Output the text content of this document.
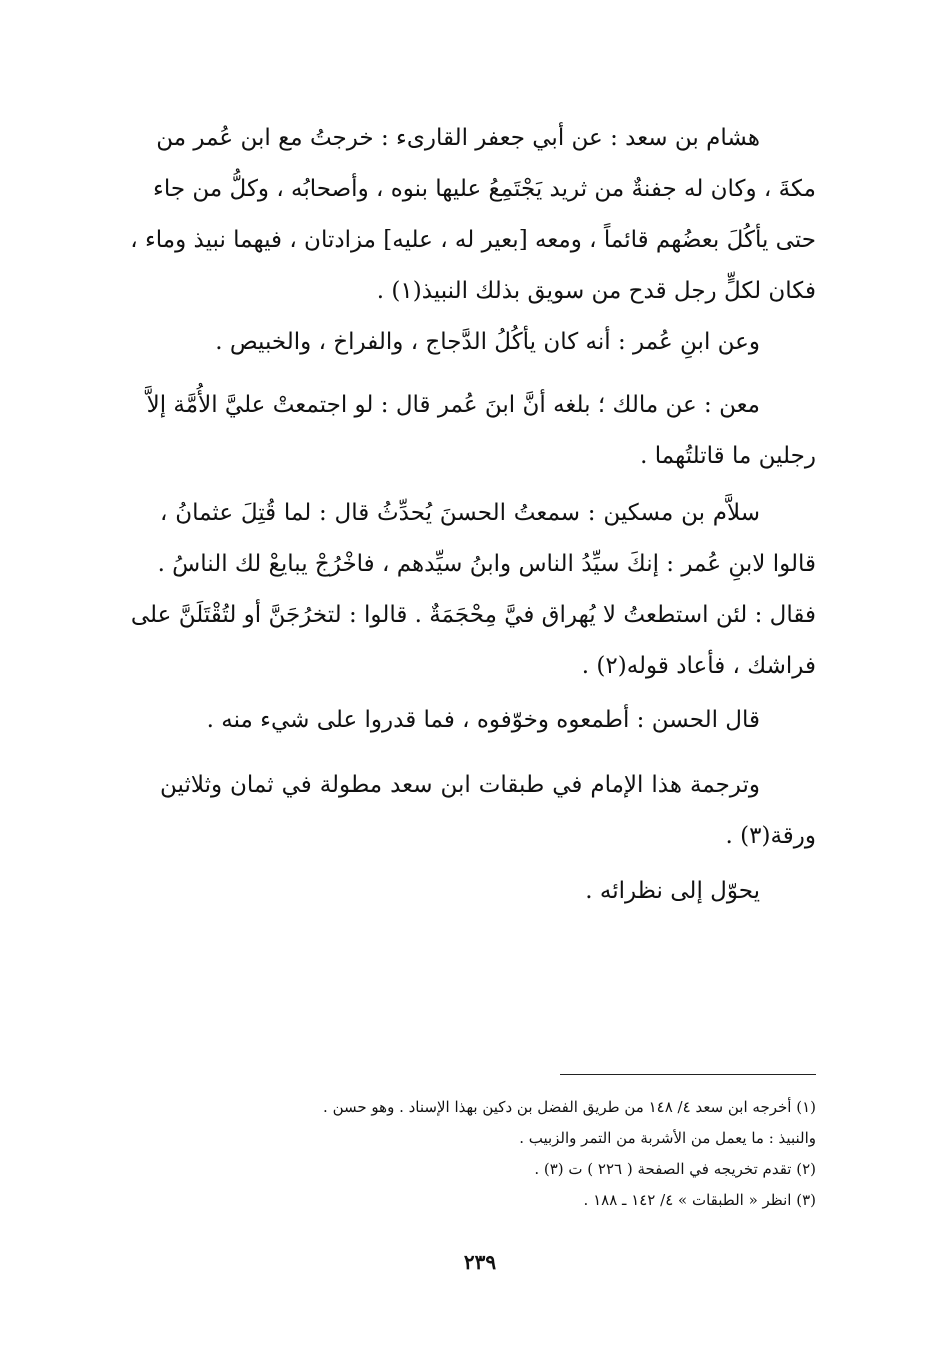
هشام بن سعد : عن أبي جعفر القارىء : خرجتُ مع ابن عُمر من
مكةَ ، وكان له جفنةٌ من ثريد يَجْتَمِعُ عليها بنوه ، وأصحابُه ، وكلُّ من جاء
حتى يأكُلَ بعضُهم قائماً ، ومعه [بعير له ، عليه] مزادتان ، فيهما نبيذ وماء ،
فكان لكلٍّ رجل قدح من سويق بذلك النبيذ(١) .
وعن ابنِ عُمر : أنه كان يأكُلُ الدَّجاج ، والفراخ ، والخبيص .
معن : عن مالك ؛ بلغه أنَّ ابنَ عُمر قال : لو اجتمعتْ عليَّ الأُمَّة إلاَّ
رجلين ما قاتلتُهما .
سلاَّم بن مسكين : سمعتُ الحسنَ يُحدِّثُ قال : لما قُتِلَ عثمانُ ،
قالوا لابنِ عُمر : إنكَ سيِّدُ الناس وابنُ سيِّدهم ، فاخْرُجْ يبايعْ لك الناسُ .
فقال : لئن استطعتُ لا يُهراق فيَّ مِحْجَمَةٌ . قالوا : لتخرُجَنَّ أو لتُقْتَلَنَّ على
فراشك ، فأعاد قوله(٢) .
قال الحسن : أطمعوه وخوّفوه ، فما قدروا على شيء منه .
وترجمة هذا الإمام في طبقات ابن سعد مطولة في ثمان وثلاثين
ورقة(٣) .
يحوّل إلى نظرائه .
(١) أخرجه ابن سعد ٤/ ١٤٨ من طريق الفضل بن دكين بهذا الإسناد . وهو حسن .
والنبيذ : ما يعمل من الأشربة من التمر والزبيب .
(٢) تقدم تخريجه في الصفحة ( ٢٢٦ ) ت (٣) .
(٣) انظر « الطبقات » ٤/ ١٤٢ ـ ١٨٨ .
٢٣٩
